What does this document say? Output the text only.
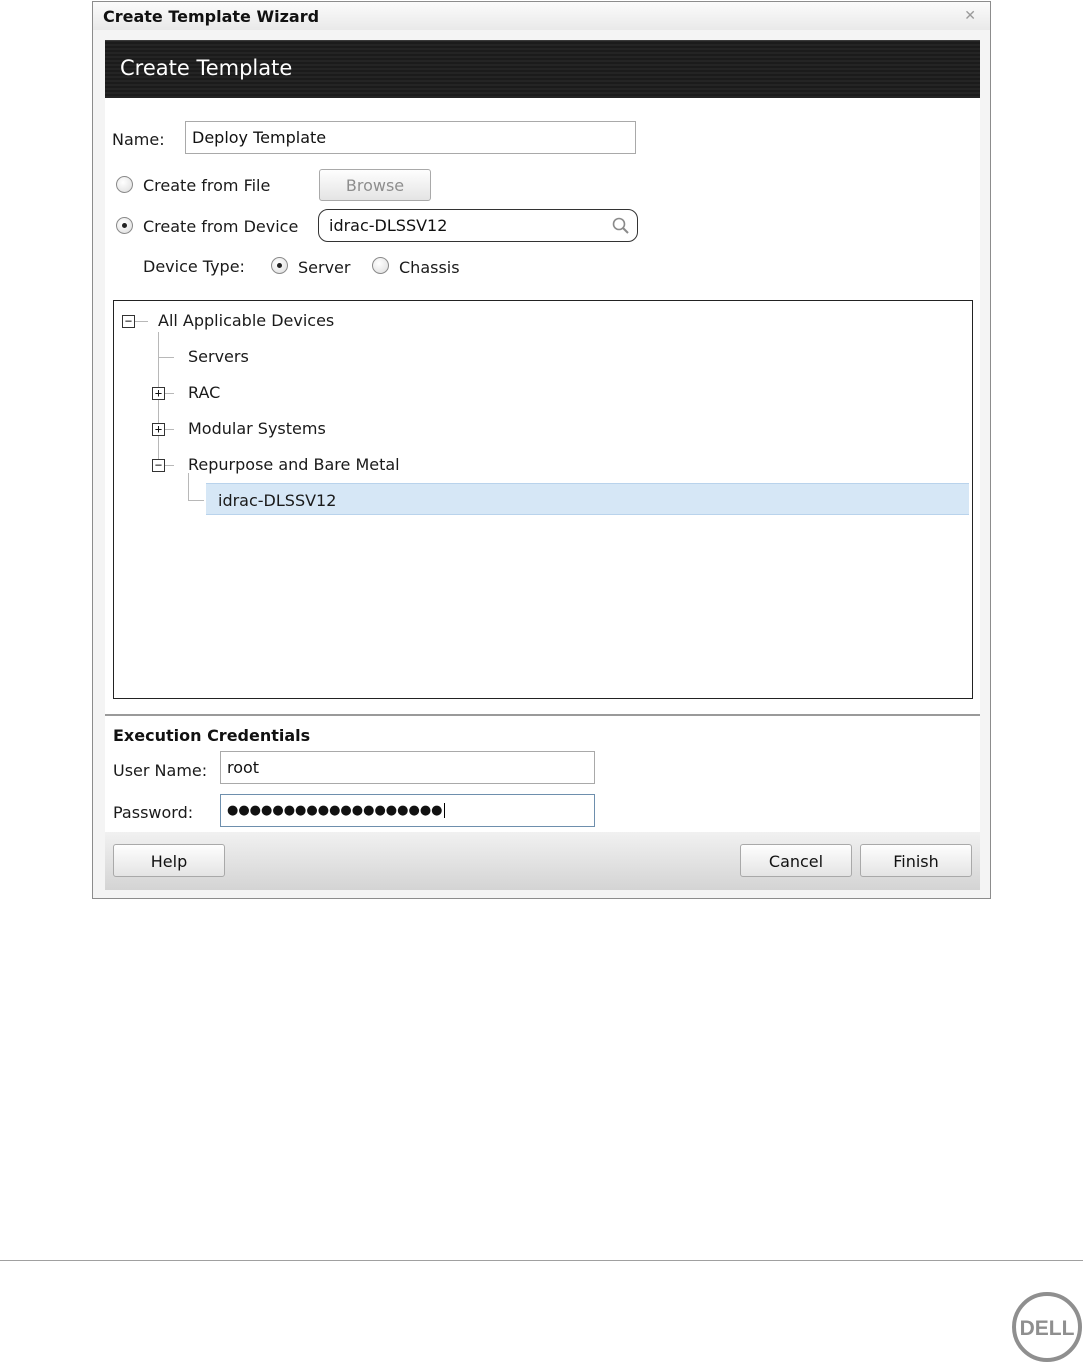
Create Template Wizard	✕
Create Template
Name:	Deploy Template
Create from File	Browse
Create from Device idrac-DLSSV12
Device Type:	Server	Chassis
− All Applicable Devices
Servers
+ RAC
+ Modular Systems
− Repurpose and Bare Metal
idrac-DLSSV12
Execution Credentials
User Name:	root
Password:	●●●●●●●●●●●●●●●●●●●
Help	Cancel	Finish
DELL
